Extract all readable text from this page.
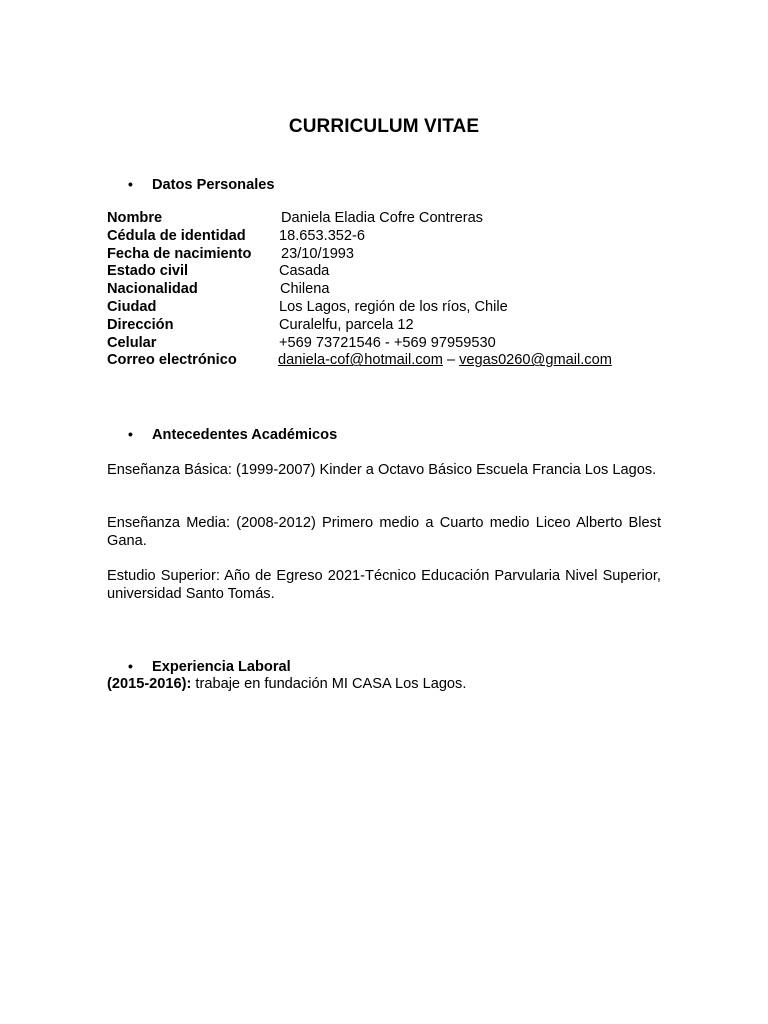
CURRICULUM VITAE
• Datos Personales
Nombre	Daniela Eladia Cofre Contreras
Cédula de identidad	18.653.352-6
Fecha de nacimiento	23/10/1993
Estado civil	Casada
Nacionalidad	Chilena
Ciudad	Los Lagos, región de los ríos, Chile
Dirección	Curalelfu, parcela 12
Celular	+569 73721546 - +569 97959530
Correo electrónico	daniela-cof@hotmail.com – vegas0260@gmail.com
• Antecedentes Académicos
Enseñanza Básica: (1999-2007) Kinder a Octavo Básico Escuela Francia Los Lagos.
Enseñanza Media: (2008-2012) Primero medio a Cuarto medio Liceo Alberto Blest Gana.
Estudio Superior: Año de Egreso 2021-Técnico Educación Parvularia Nivel Superior, universidad Santo Tomás.
• Experiencia Laboral
(2015-2016): trabaje en fundación MI CASA Los Lagos.
